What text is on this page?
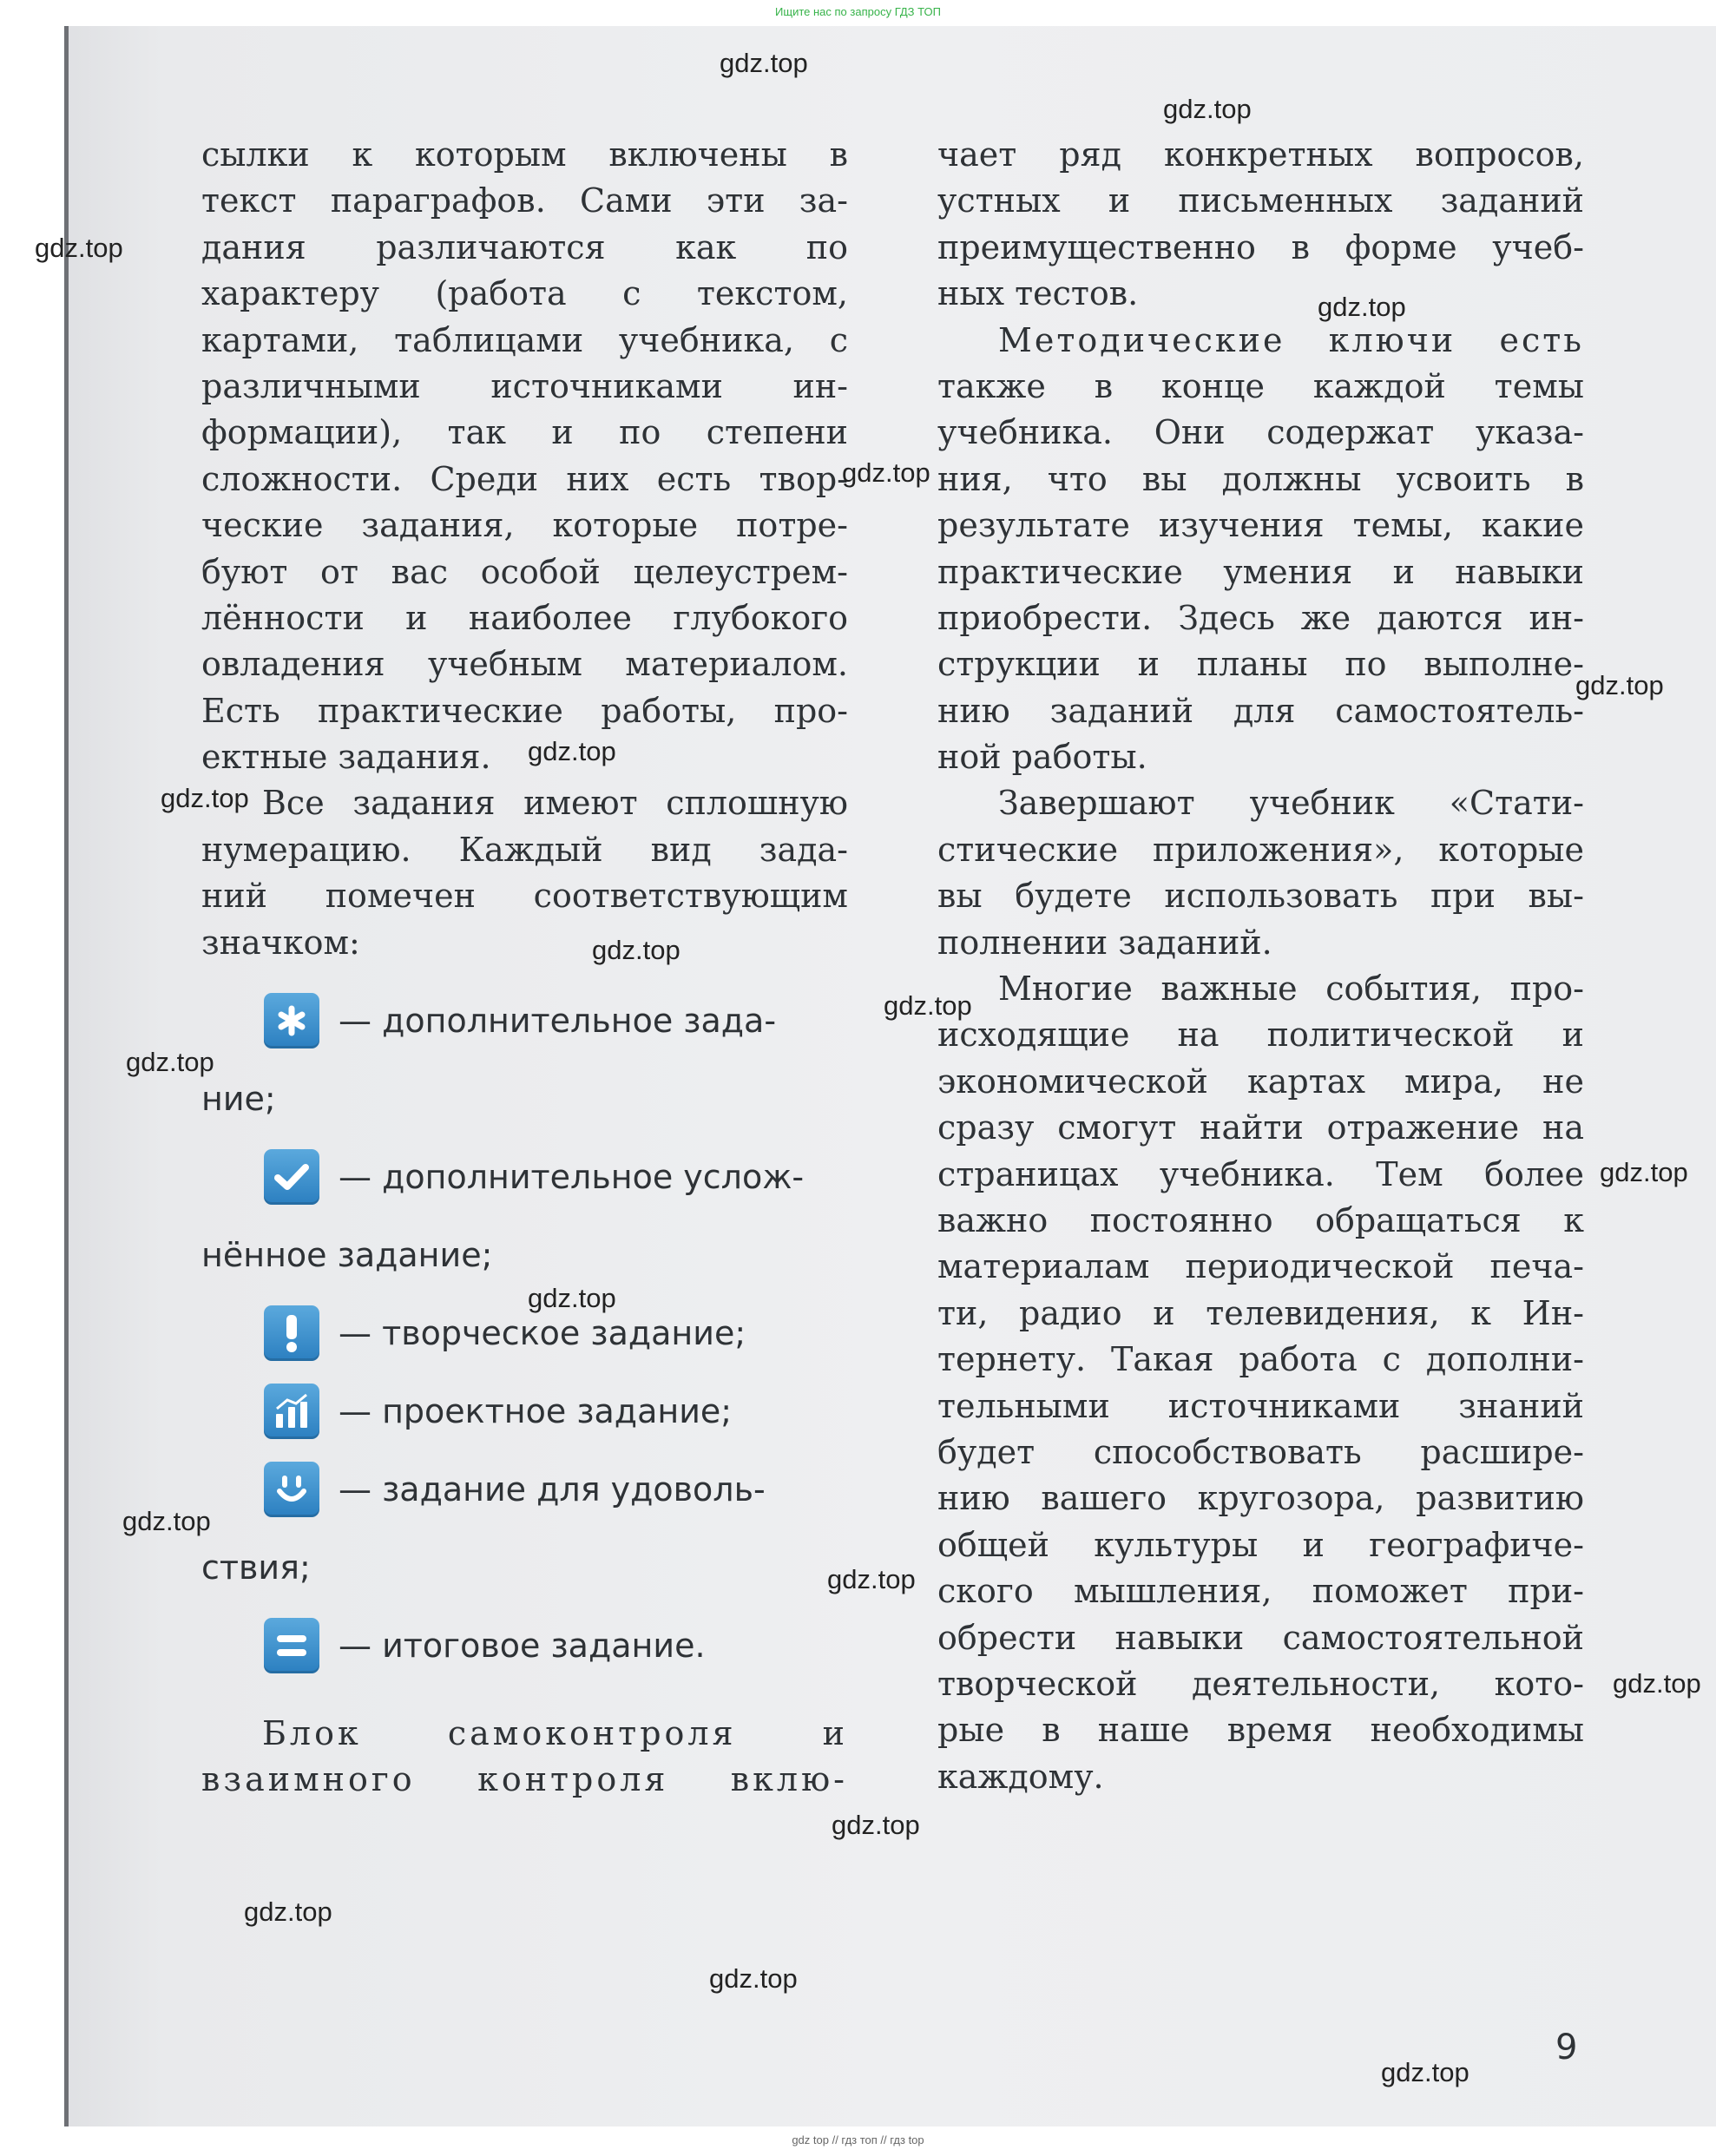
Ищите нас по запросу ГДЗ ТОП
сылки к которым включены в
текст параграфов. Сами эти за-
дания различаются как по
характеру (работа с текстом,
картами, таблицами учебника, с
различными источниками ин-
формации), так и по степени
сложности. Среди них есть твор-
ческие задания, которые потре-
буют от вас особой целеустрем-
лённости и наиболее глубокого
овладения учебным материалом.
Есть практические работы, про-
ектные задания.
Все задания имеют сплошную
нумерацию. Каждый вид зада-
ний помечен соответствующим
значком:
— дополнительное зада-
ние;
— дополнительное услож-
нённое задание;
— творческое задание;
— проектное задание;
— задание для удоволь-
ствия;
— итоговое задание.
Блок самоконтроля и
взаимного контроля вклю-
чает ряд конкретных вопросов,
устных и письменных заданий
преимущественно в форме учеб-
ных тестов.
Методические ключи есть
также в конце каждой темы
учебника. Они содержат указа-
ния, что вы должны усвоить в
результате изучения темы, какие
практические умения и навыки
приобрести. Здесь же даются ин-
струкции и планы по выполне-
нию заданий для самостоятель-
ной работы.
Завершают учебник «Стати-
стические приложения», которые
вы будете использовать при вы-
полнении заданий.
Многие важные события, про-
исходящие на политической и
экономической картах мира, не
сразу смогут найти отражение на
страницах учебника. Тем более
важно постоянно обращаться к
материалам периодической печа-
ти, радио и телевидения, к Ин-
тернету. Такая работа с дополни-
тельными источниками знаний
будет способствовать расшире-
нию вашего кругозора, развитию
общей культуры и географиче-
ского мышления, поможет при-
обрести навыки самостоятельной
творческой деятельности, кото-
рые в наше время необходимы
каждому.
9
gdz.top
gdz.top
gdz.top
gdz.top
gdz.top
gdz.top
gdz.top
gdz.top
gdz.top
gdz.top
gdz.top
gdz.top
gdz.top
gdz.top
gdz.top
gdz.top
gdz.top
gdz.top
gdz.top
gdz.top
gdz top // гдз топ // гдз top
